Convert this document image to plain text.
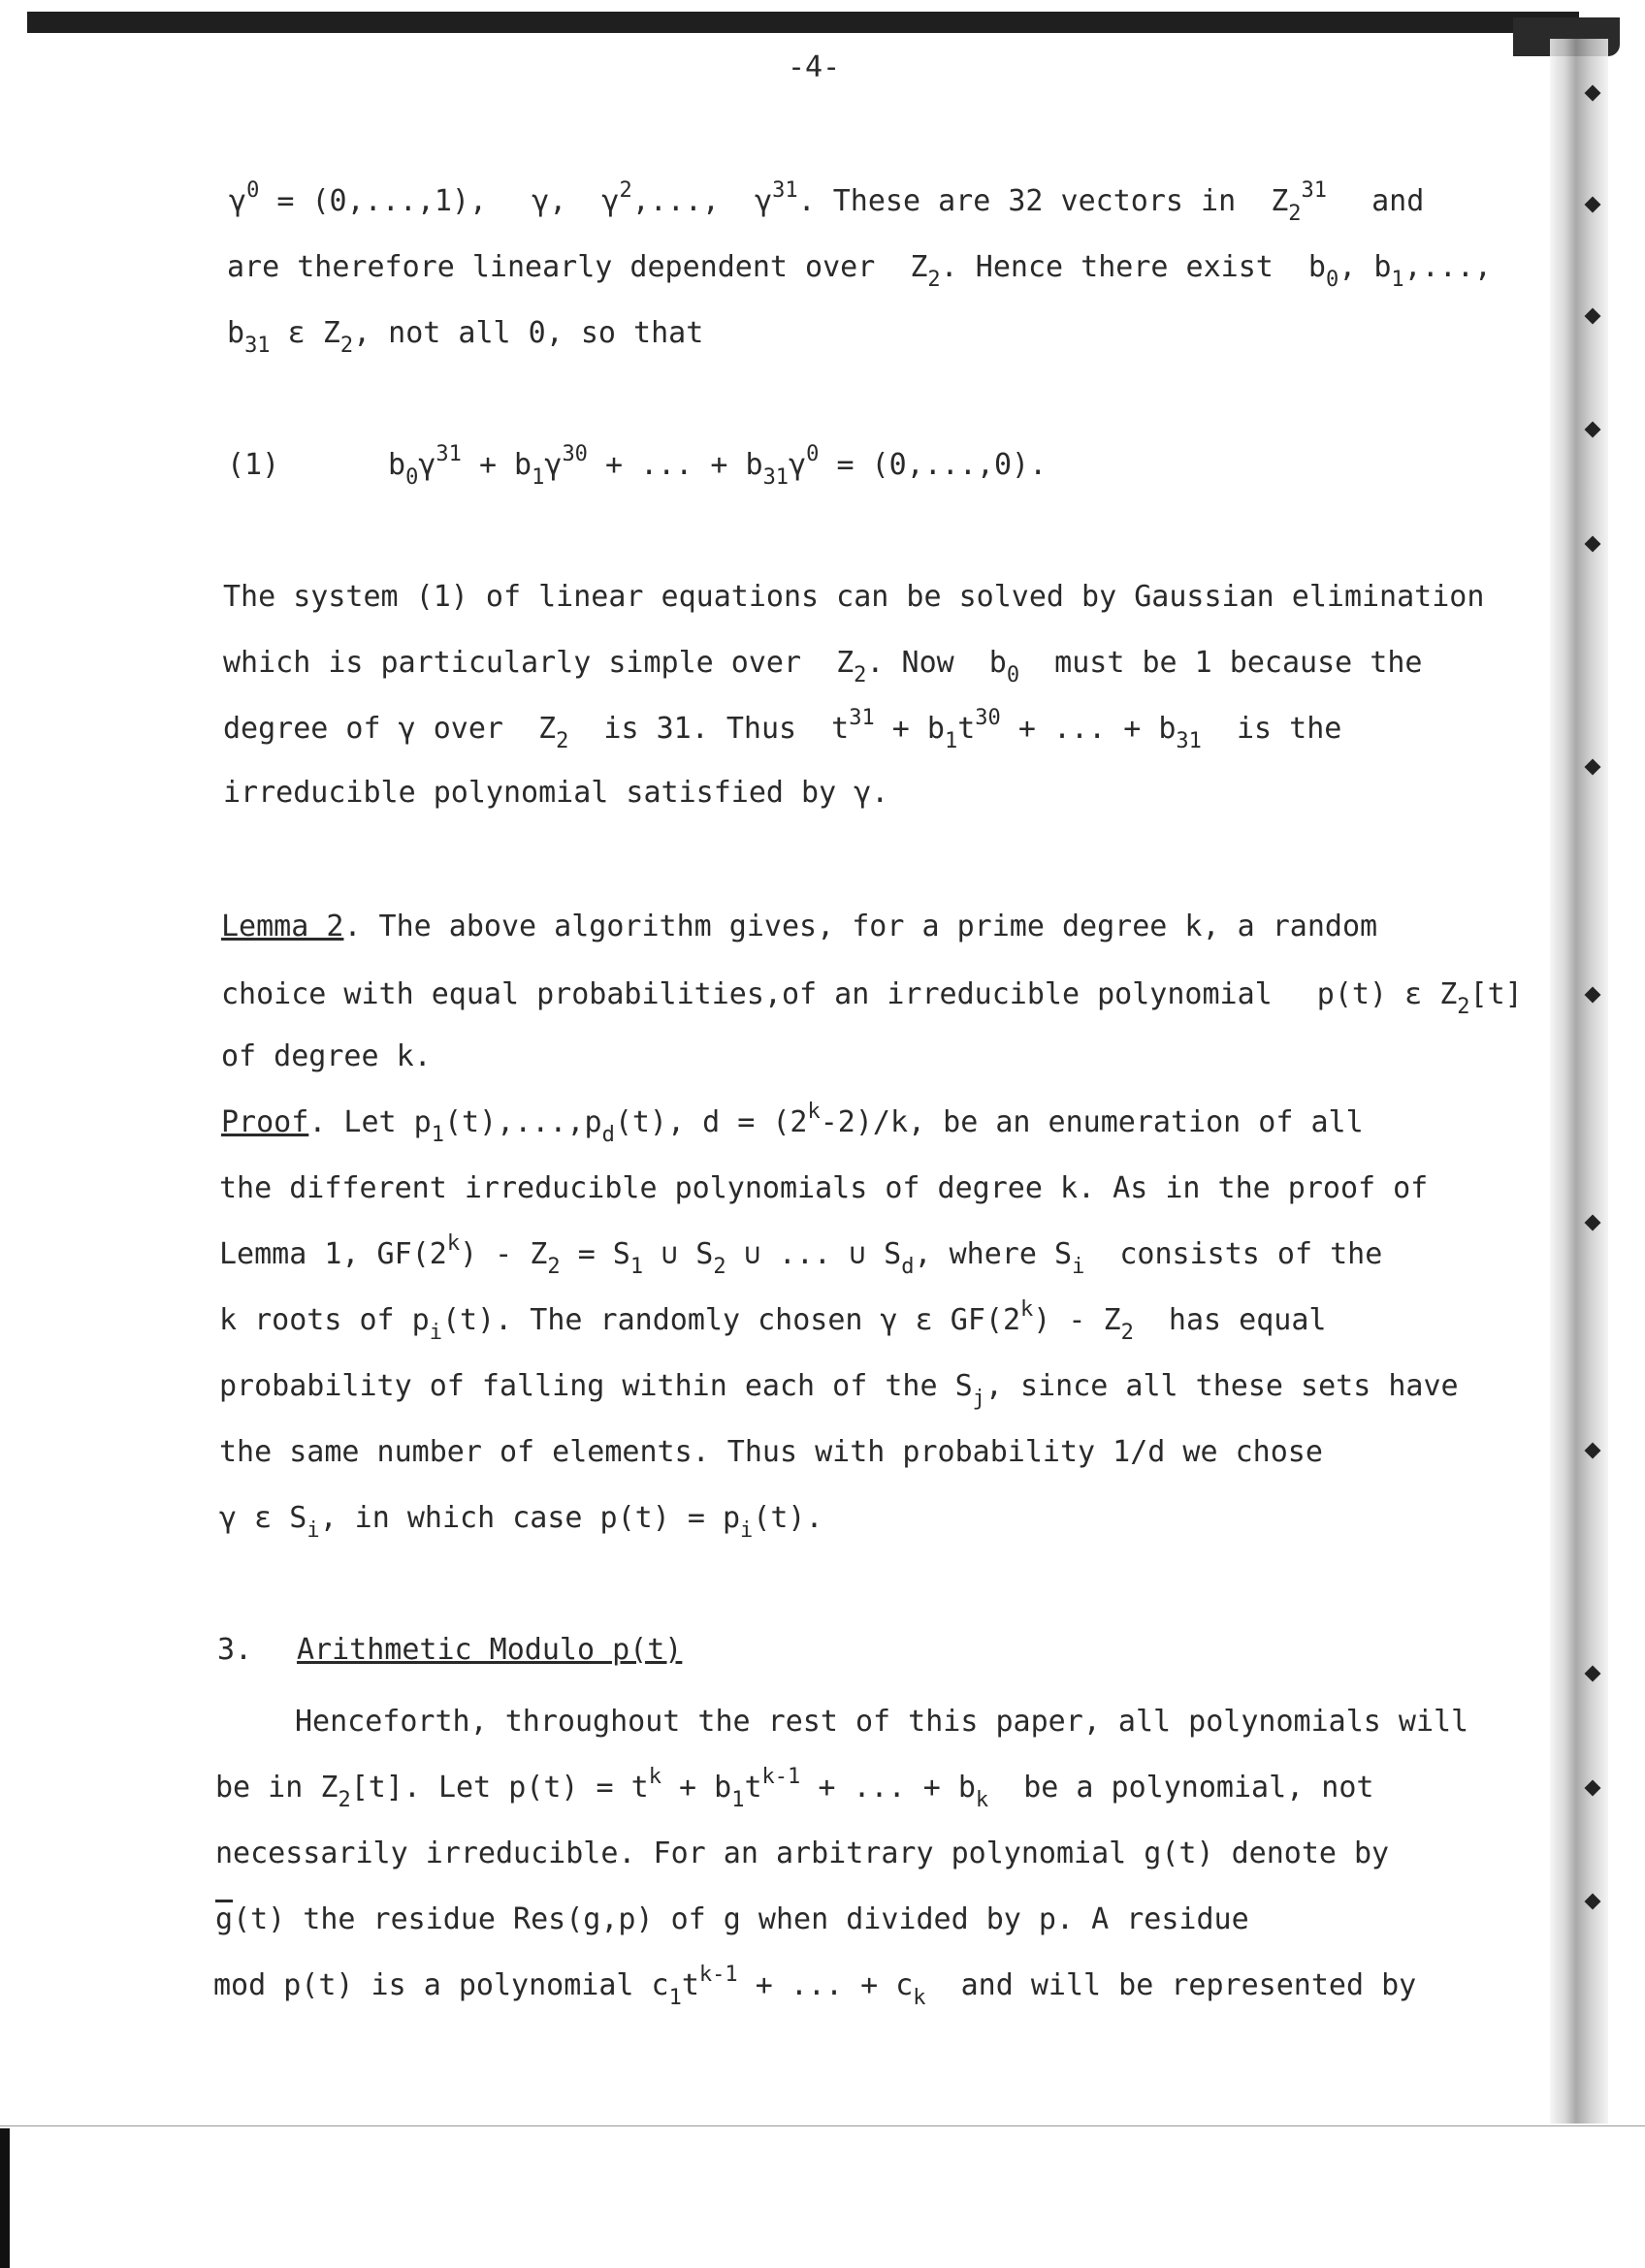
-4-
$\gamma^0 = (0,...,1)$, γ, $\gamma^2$,..., $\gamma^{31}$. These are 32 vectors in $Z_2^{31}$ and
are therefore linearly dependent over $Z_2$. Hence there exist $b_0$, $b_1$,...,
$b_{31}$ ε $Z_2$, not all 0, so that
(1)	$b_0\gamma^{31} + b_1\gamma^{30}$ + ... + $b_{31}\gamma^0 = (0,...,0)$.
The system (1) of linear equations can be solved by Gaussian elimination
which is particularly simple over $Z_2$. Now $b_0$ must be 1 because the
degree of γ over $Z_2$ is 31. Thus $t^{31} + b_1t^{30}$ + ... + $b_{31}$ is the
irreducible polynomial satisfied by γ.
Lemma 2. The above algorithm gives, for a prime degree k, a random
choice with equal probabilities,of an irreducible polynomial p(t) ε $Z_2[t]$
of degree k.
Proof. Let $p_1(t),...,p_d(t)$, $d = (2^k-2)/k$, be an enumeration of all
the different irreducible polynomials of degree k. As in the proof of
Lemma 1, $GF(2^k) - Z_2 = S_1$ ∪ $S_2$ ∪ ... ∪ $S_d$, where $S_i$ consists of the
k roots of $p_i(t)$. The randomly chosen γ ε $GF(2^k) - Z_2$ has equal
probability of falling within each of the $S_j$, since all these sets have
the same number of elements. Thus with probability 1/d we chose
γ ε $S_i$, in which case $p(t) = p_i(t)$.
3. Arithmetic Modulo p(t)
Henceforth, throughout the rest of this paper, all polynomials will
be in $Z_2[t]$. Let $p(t) = t^k + b_1t^{k-1}$ + ... + $b_k$ be a polynomial, not
necessarily irreducible. For an arbitrary polynomial g(t) denote by
$\overline{g}(t)$ the residue Res(g,p) of g when divided by p. A residue
mod p(t) is a polynomial $c_1t^{k-1}$ + ... + $c_k$ and will be represented by
